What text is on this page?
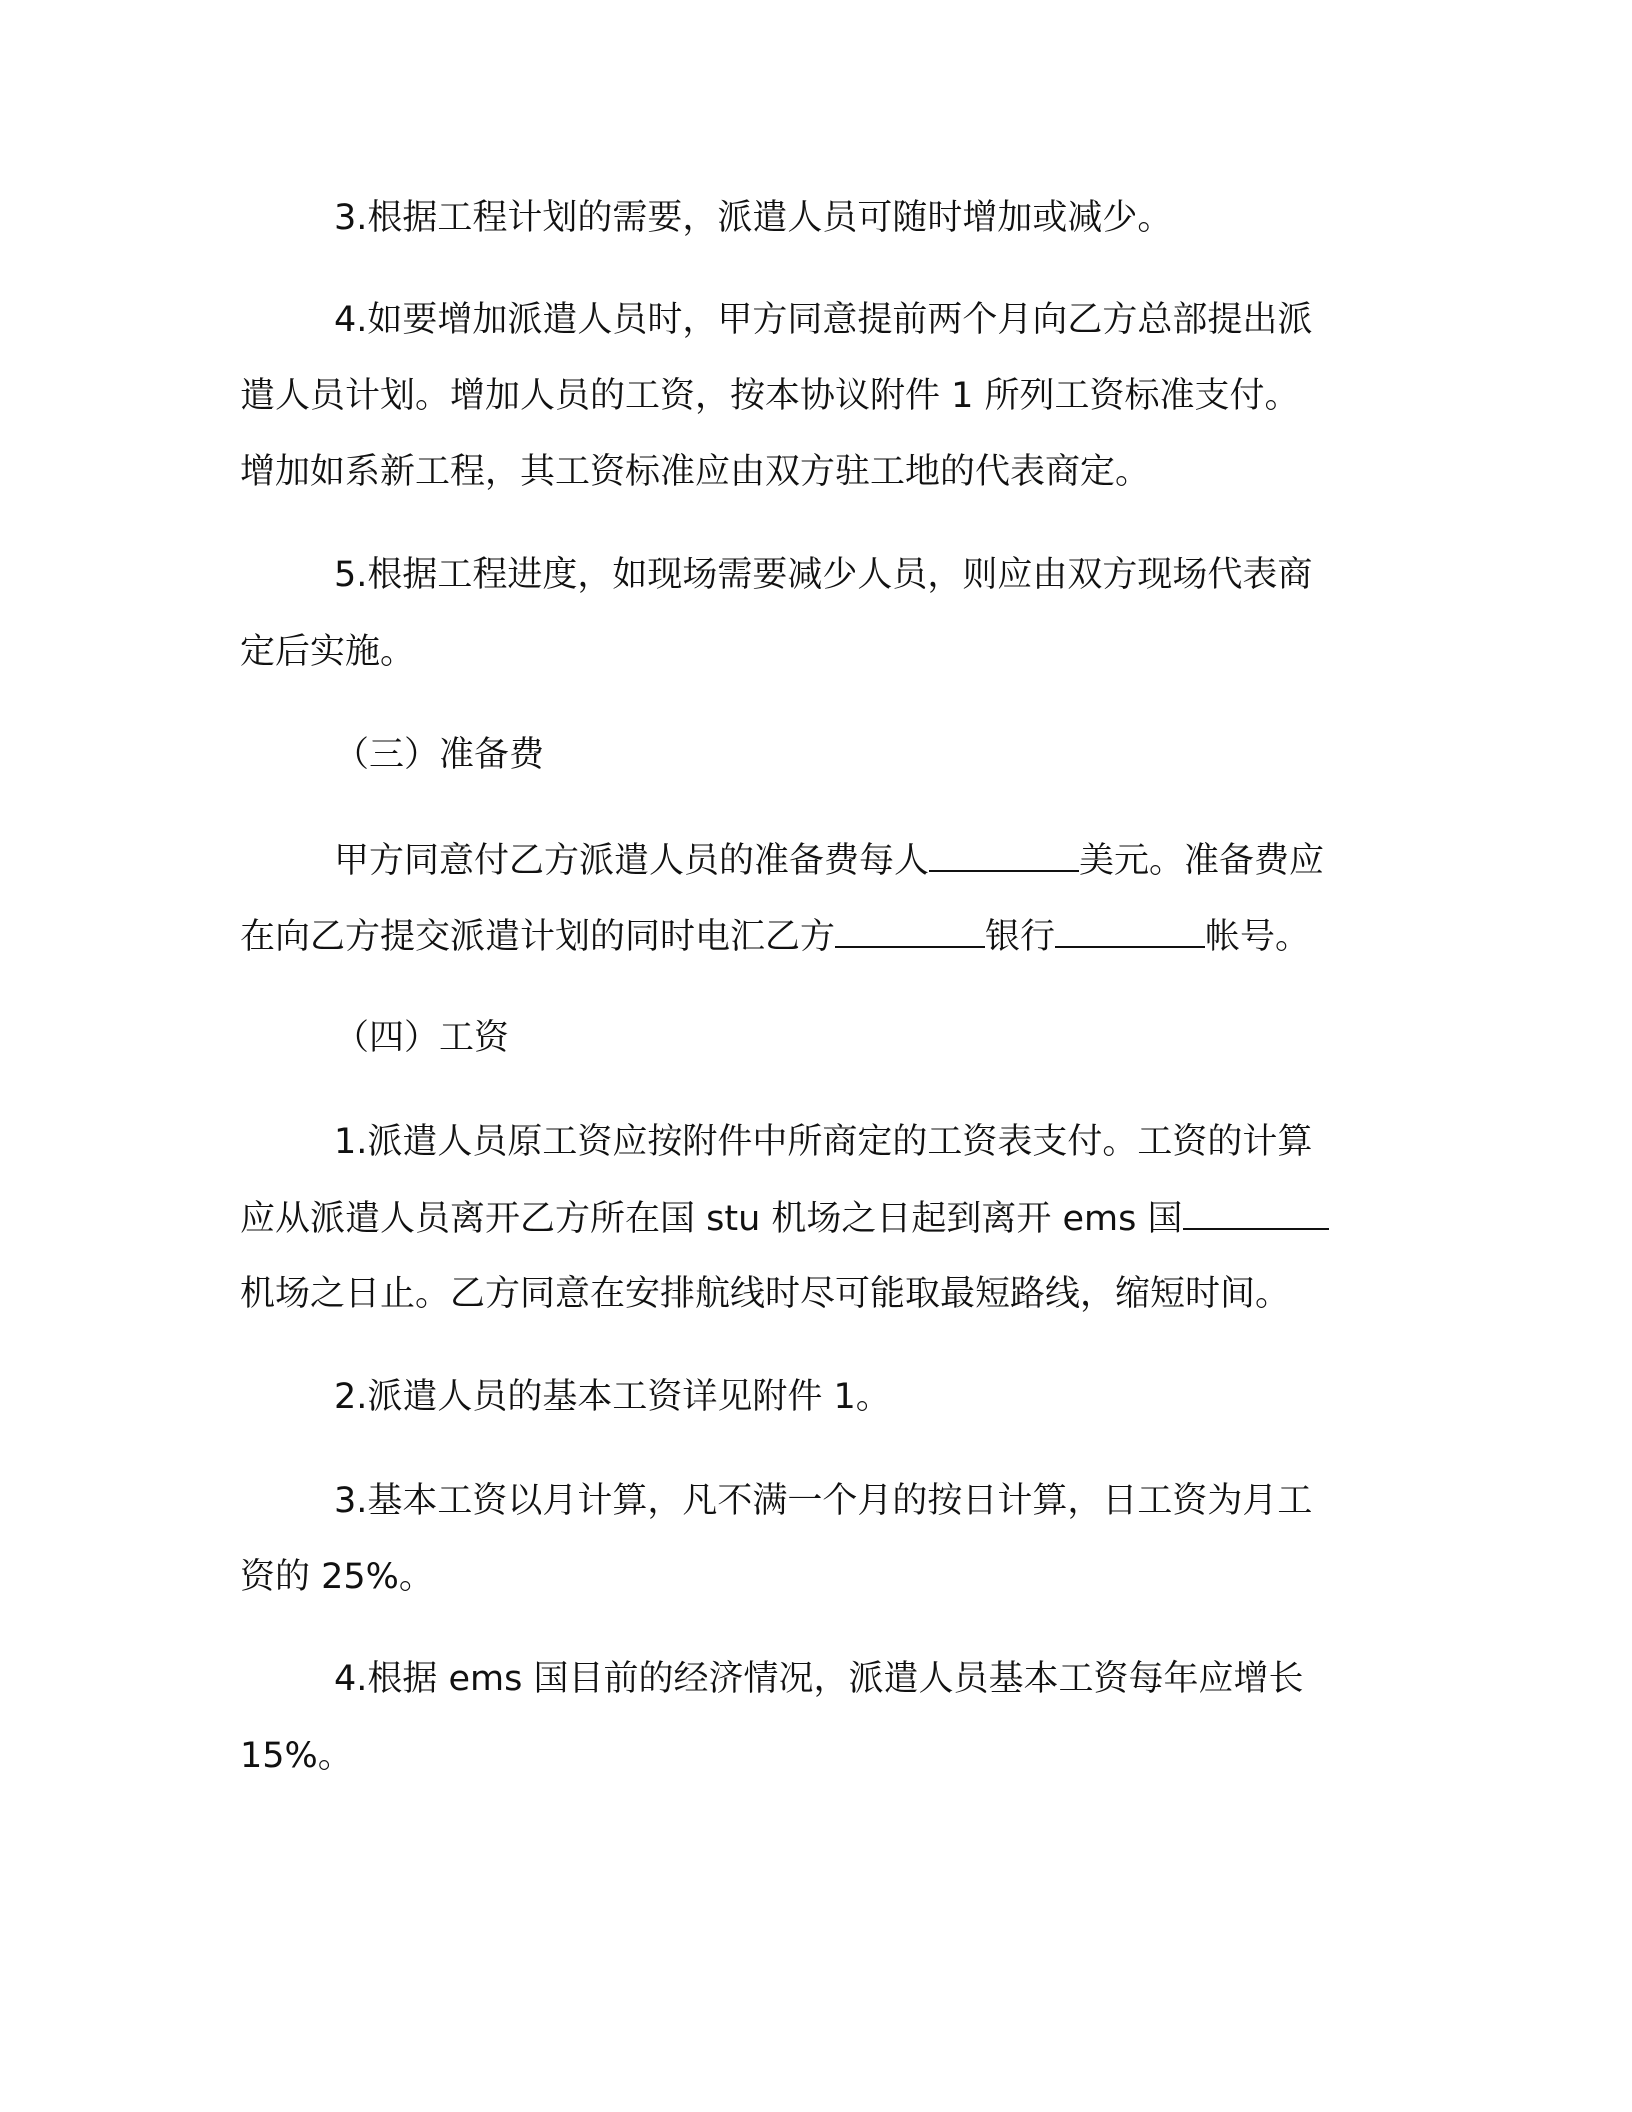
3.根据工程计划的需要，派遣人员可随时增加或减少。
4.如要增加派遣人员时，甲方同意提前两个月向乙方总部提出派
遣人员计划。增加人员的工资，按本协议附件 1 所列工资标准支付。
增加如系新工程，其工资标准应由双方驻工地的代表商定。
5.根据工程进度，如现场需要减少人员，则应由双方现场代表商
定后实施。
（三）准备费
甲方同意付乙方派遣人员的准备费每人	美元。准备费应
在向乙方提交派遣计划的同时电汇乙方	银行	帐号。
（四）工资
1.派遣人员原工资应按附件中所商定的工资表支付。工资的计算
应从派遣人员离开乙方所在国 stu 机场之日起到离开 ems 国
机场之日止。乙方同意在安排航线时尽可能取最短路线，缩短时间。
2.派遣人员的基本工资详见附件 1。
3.基本工资以月计算，凡不满一个月的按日计算，日工资为月工
资的 25%。
4.根据 ems 国目前的经济情况，派遣人员基本工资每年应增长
15%。
